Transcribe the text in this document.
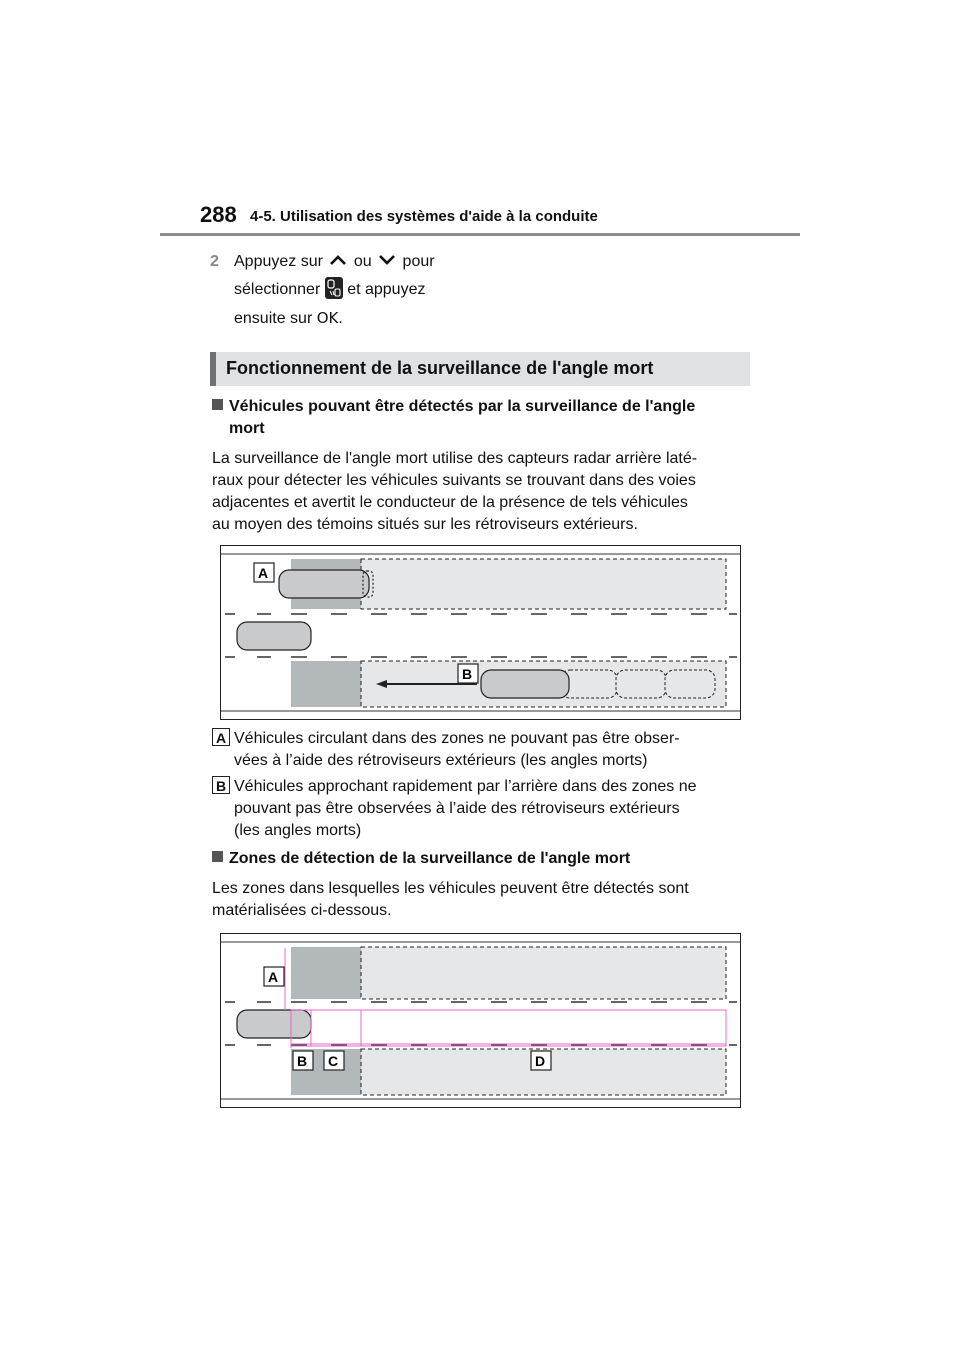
288 4-5. Utilisation des systèmes d'aide à la conduite
2 Appuyez sur ou pour
sélectionner et appuyez
ensuite sur OK.
Fonctionnement de la surveillance de l'angle mort
Véhicules pouvant être détectés par la surveillance de l'angle
mort
La surveillance de l'angle mort utilise des capteurs radar arrière laté-
raux pour détecter les véhicules suivants se trouvant dans des voies
adjacentes et avertit le conducteur de la présence de tels véhicules
au moyen des témoins situés sur les rétroviseurs extérieurs.
A
B
A Véhicules circulant dans des zones ne pouvant pas être obser-
vées à l’aide des rétroviseurs extérieurs (les angles morts)
B Véhicules approchant rapidement par l’arrière dans des zones ne
pouvant pas être observées à l’aide des rétroviseurs extérieurs
(les angles morts)
Zones de détection de la surveillance de l'angle mort
Les zones dans lesquelles les véhicules peuvent être détectés sont
matérialisées ci-dessous.
A
B C	D
